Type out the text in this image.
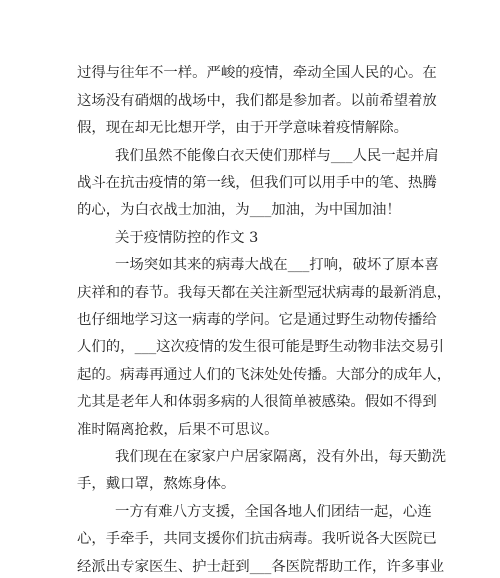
过得与往年不一样。严峻的疫情，牵动全国人民的心。在
这场没有硝烟的战场中，我们都是参加者。以前希望着放
假，现在却无比想开学，由于开学意味着疫情解除。
我们虽然不能像白衣天使们那样与___人民一起并肩
战斗在抗击疫情的第一线，但我们可以用手中的笔、热腾
的心，为白衣战士加油，为___加油，为中国加油！
关于疫情防控的作文 3
一场突如其来的病毒大战在___打响，破坏了原本喜
庆祥和的春节。我每天都在关注新型冠状病毒的最新消息，
也仔细地学习这一病毒的学问。它是通过野生动物传播给
人们的，___这次疫情的发生很可能是野生动物非法交易引
起的。病毒再通过人们的飞沫处处传播。大部分的成年人，
尤其是老年人和体弱多病的人很简单被感染。假如不得到
准时隔离抢救，后果不可思议。
我们现在在家家户户居家隔离，没有外出，每天勤洗
手，戴口罩，熬炼身体。
一方有难八方支援，全国各地人们团结一起，心连
心，手牵手，共同支援你们抗击病毒。我听说各大医院已
经派出专家医生、护士赶到___各医院帮助工作，许多事业
